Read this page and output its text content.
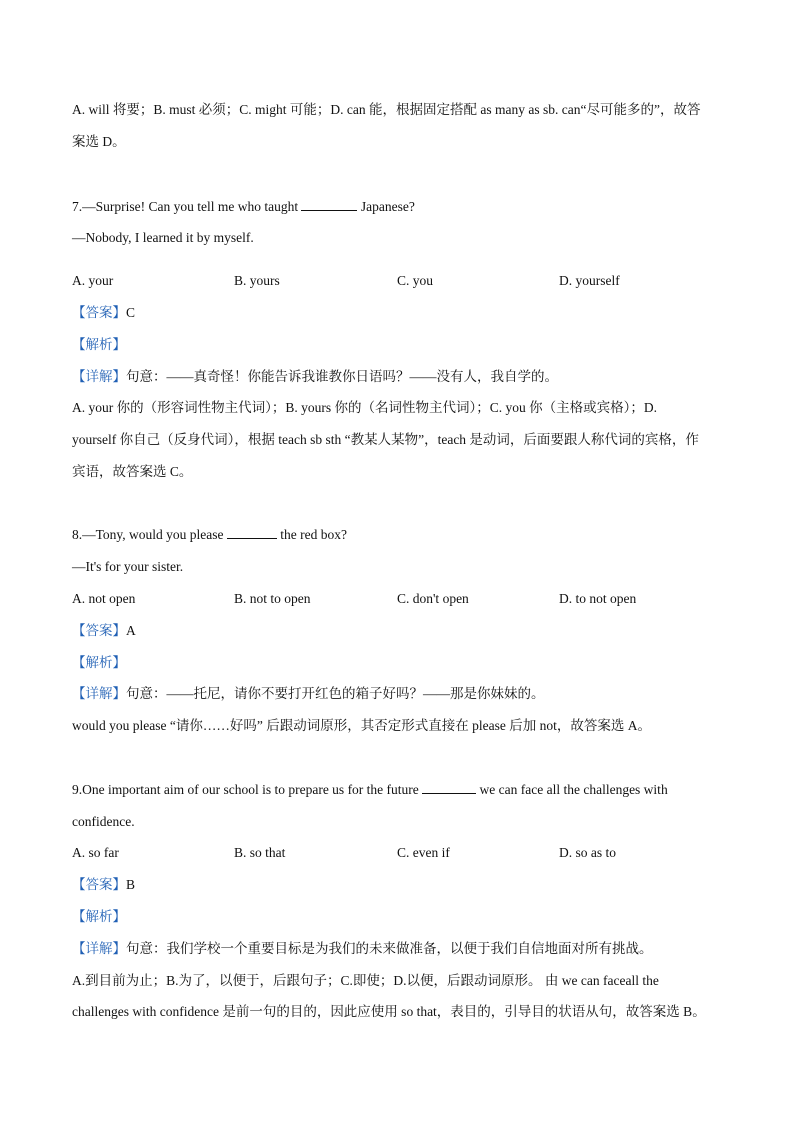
A. will 将要；B. must 必须；C. might 可能；D. can 能，根据固定搭配 as many as sb. can“尽可能多的”，故答
案选 D。
7.—Surprise! Can you tell me who taught	Japanese?
—Nobody, I learned it by myself.
A. your	B. yours	C. you	D. yourself
【答案】C
【解析】
【详解】句意：——真奇怪！你能告诉我谁教你日语吗？——没有人，我自学的。
A. your 你的（形容词性物主代词）；B. yours 你的（名词性物主代词）；C. you 你（主格或宾格）；D.
yourself 你自己（反身代词），根据 teach sb sth “教某人某物”，teach 是动词，后面要跟人称代词的宾格，作
宾语，故答案选 C。
8.—Tony, would you please	the red box?
—It's for your sister.
A. not open	B. not to open	C. don't open	D. to not open
【答案】A
【解析】
【详解】句意：——托尼，请你不要打开红色的箱子好吗？——那是你妹妹的。
would you please “请你……好吗” 后跟动词原形，其否定形式直接在 please 后加 not，故答案选 A。
9.One important aim of our school is to prepare us for the future	we can face all the challenges with
confidence.
A. so far	B. so that	C. even if	D. so as to
【答案】B
【解析】
【详解】句意：我们学校一个重要目标是为我们的未来做准备，以便于我们自信地面对所有挑战。
A.到目前为止；B.为了，以便于，后跟句子；C.即使；D.以便，后跟动词原形。 由 we can faceall the
challenges with confidence 是前一句的目的，因此应使用 so that，表目的，引导目的状语从句，故答案选 B。
